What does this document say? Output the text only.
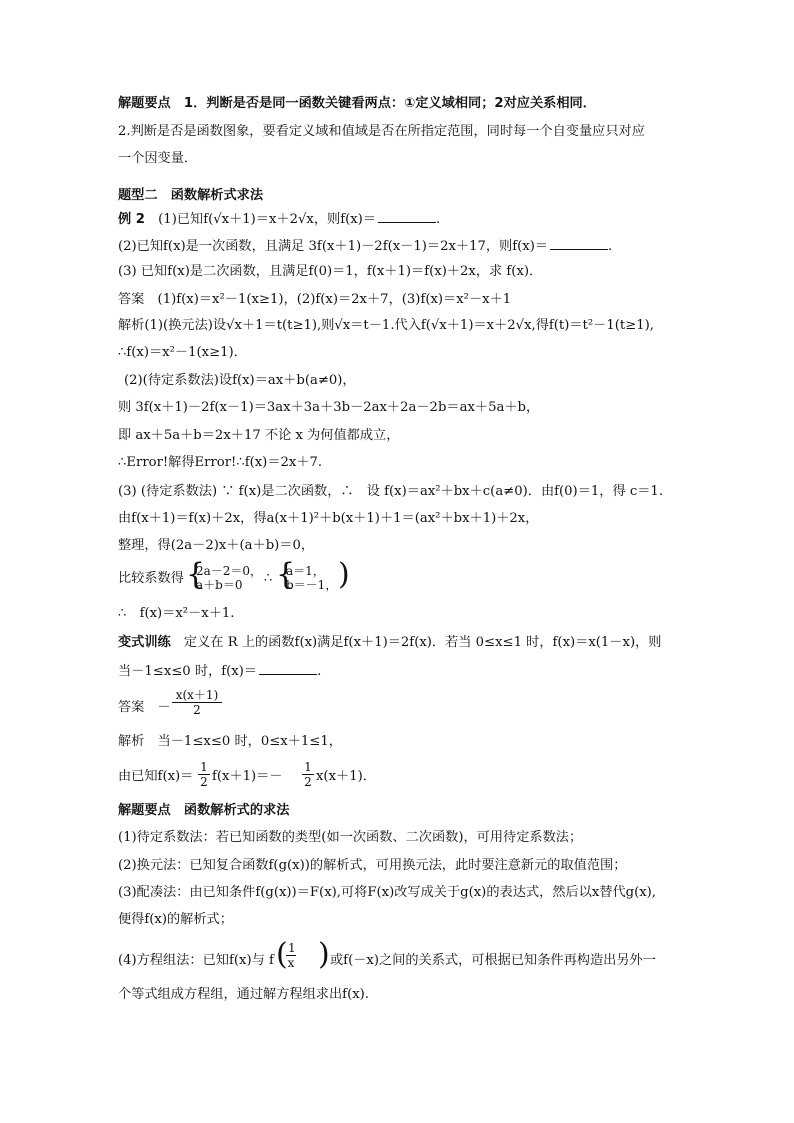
解题要点　1．判断是否是同一函数关键看两点：①定义域相同；2对应关系相同．
2.判断是否是函数图象，要看定义域和值域是否在所指定范围，同时每一个自变量应只对应
一个因变量．
题型二　函数解析式求法
例 2　(1)已知f(√x＋1)＝x＋2√x，则f(x)＝	.
(2)已知f(x)是一次函数，且满足 3f(x＋1)－2f(x－1)＝2x＋17，则f(x)＝	.
(3) 已知f(x)是二次函数，且满足f(0)＝1，f(x＋1)＝f(x)＋2x，求 f(x)．
答案　(1)f(x)＝x²－1(x≥1)，(2)f(x)＝2x＋7，(3)f(x)＝x²－x＋1
解析(1)(换元法)设√x＋1＝t(t≥1),则√x＝t－1.代入f(√x＋1)＝x＋2√x,得f(t)＝t²－1(t≥1),
∴f(x)＝x²－1(x≥1)．
(2)(待定系数法)设f(x)＝ax＋b(a≠0)，
则 3f(x＋1)－2f(x－1)＝3ax＋3a＋3b－2ax＋2a－2b＝ax＋5a＋b，
即 ax＋5a＋b＝2x＋17 不论 x 为何值都成立，
∴Error!解得Error!∴f(x)＝2x＋7.
(3) (待定系数法) ∵ f(x)是二次函数，∴　设 f(x)＝ax²＋bx＋c(a≠0)．由f(0)＝1，得 c＝1.
由f(x＋1)＝f(x)＋2x，得a(x＋1)²＋b(x＋1)＋1＝(ax²＋bx＋1)＋2x，
整理，得(2a－2)x＋(a＋b)＝0，
比较系数得 {
2a－2＝0，
a＋b＝0	∴ {
a＝1，
b＝－1， )
∴　f(x)＝x²－x＋1.
变式训练　定义在 R 上的函数f(x)满足f(x＋1)＝2f(x)．若当 0≤x≤1 时，f(x)＝x(1－x)，则
当－1≤x≤0 时，f(x)＝	.
答案　－ $\frac{x(x+1)}{2}$
解析　当－1≤x≤0 时，0≤x＋1≤1，
由已知$f(x)= \frac{1}{2} f(x+1)=- \frac{1}{2} x(x+1)$．
解题要点　函数解析式的求法
(1)待定系数法：若已知函数的类型(如一次函数、二次函数)，可用待定系数法；
(2)换元法：已知复合函数f(g(x))的解析式，可用换元法，此时要注意新元的取值范围；
(3)配凑法：由已知条件f(g(x))＝F(x),可将F(x)改写成关于g(x)的表达式，然后以x替代g(x),
便得f(x)的解析式；
(4)方程组法：已知f(x)与 f (
$\frac{1}{x}$ ) 或f(－x)之间的关系式，可根据已知条件再构造出另外一
个等式组成方程组，通过解方程组求出f(x).
